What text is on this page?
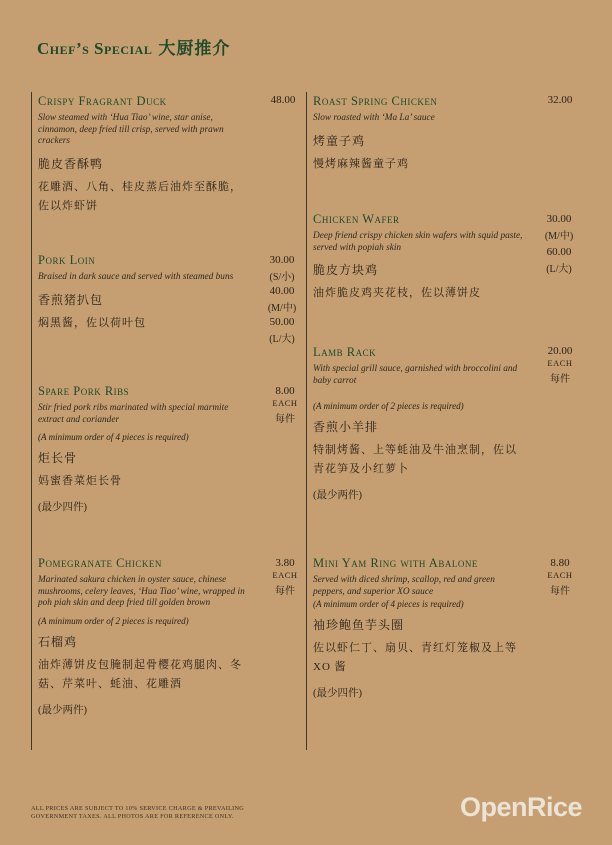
Chef’s Special 大厨推介
Crispy Fragrant Duck
Slow steamed with ‘Hua Tiao’ wine, star anise, cinnamon, deep fried till crisp, served with prawn crackers
脆皮香酥鸭
花雕酒、八角、桂皮蒸后油炸至酥脆，佐以炸虾饼
48.00
Pork Loin
Braised in dark sauce and served with steamed buns
香煎猪扒包
焖黑酱，佐以荷叶包
30.00
(S/小)
40.00
(M/中)
50.00
(L/大)
Spare Pork Ribs
Stir fried pork ribs marinated with special marmite extract and coriander
(A minimum order of 4 pieces is required)
炬长骨
妈蜜香菜炬长骨
(最少四件)
8.00
EACH
每件
Pomegranate Chicken
Marinated sakura chicken in oyster sauce, chinese mushrooms, celery leaves, ‘Hua Tiao’ wine, wrapped in poh piah skin and deep fried till golden brown
(A minimum order of 2 pieces is required)
石榴鸡
油炸薄饼皮包腌制起骨樱花鸡腿肉、冬菇、芹菜叶、蚝油、花雕酒
(最少两件)
3.80
EACH
每件
Roast Spring Chicken
Slow roasted with ‘Ma La’ sauce
烤童子鸡
慢烤麻辣酱童子鸡
32.00
Chicken Wafer
Deep friend crispy chicken skin wafers with squid paste, served with popiah skin
脆皮方块鸡
油炸脆皮鸡夹花枝，佐以薄饼皮
30.00
(M/中)
60.00
(L/大)
Lamb Rack
With special grill sauce, garnished with broccolini and baby carrot
(A minimum order of 2 pieces is required)
香煎小羊排
特制烤酱、上等蚝油及牛油烹制，佐以青花笋及小红萝卜
(最少两件)
20.00
EACH
每件
Mini Yam Ring with Abalone
Served with diced shrimp, scallop, red and green peppers, and superior XO sauce
(A minimum order of 4 pieces is required)
袖珍鲍鱼芋头圈
佐以虾仁丁、扇贝、青红灯笼椒及上等 XO 酱
(最少四件)
8.80
EACH
每件
ALL PRICES ARE SUBJECT TO 10% SERVICE CHARGE & PREVAILING
GOVERNMENT TAXES. ALL PHOTOS ARE FOR REFERENCE ONLY.	OpenRice
